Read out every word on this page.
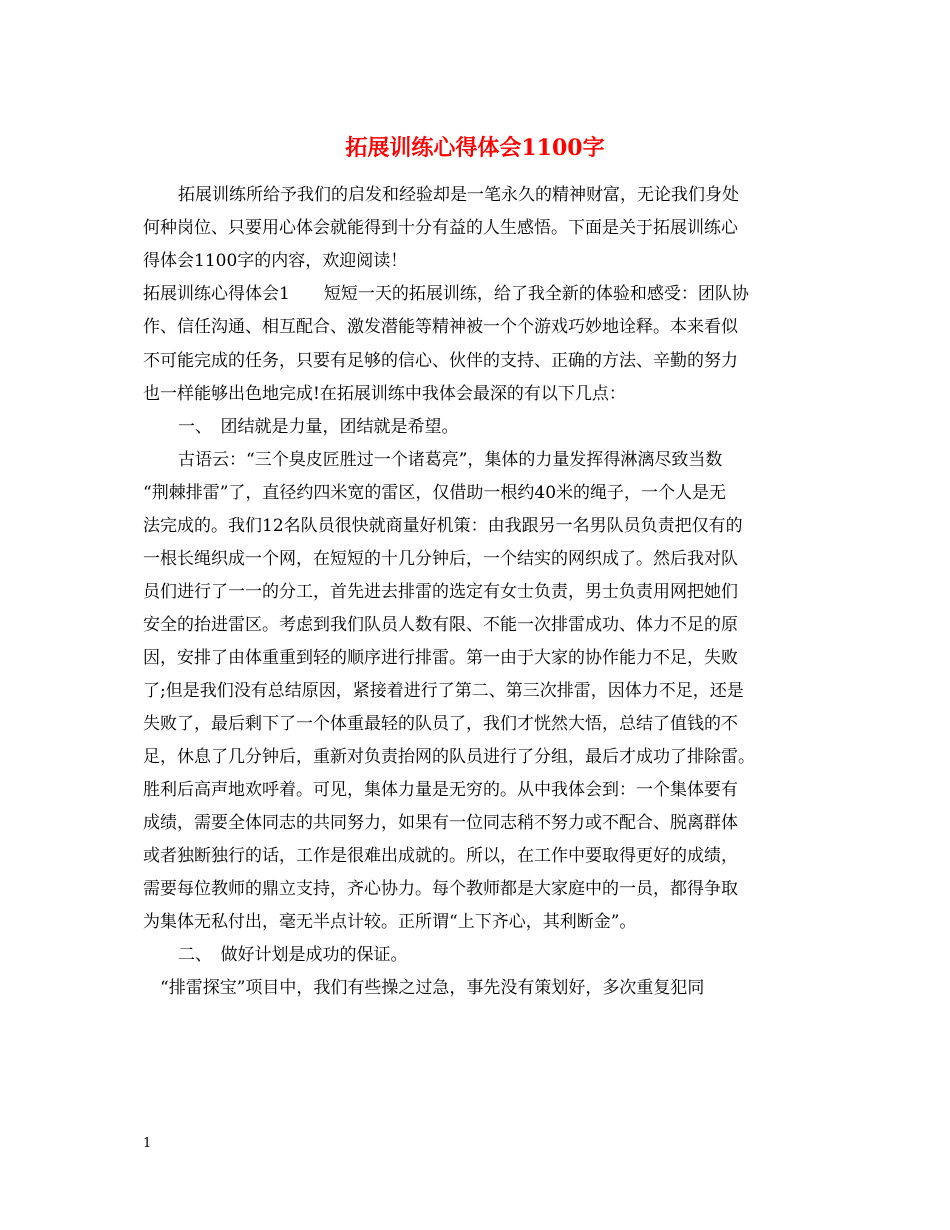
拓展训练心得体会1100字
拓展训练所给予我们的启发和经验却是一笔永久的精神财富，无论我们身处
何种岗位、只要用心体会就能得到十分有益的人生感悟。下面是关于拓展训练心
得体会1100字的内容，欢迎阅读！
拓展训练心得体会1　　短短一天的拓展训练，给了我全新的体验和感受：团队协
作、信任沟通、相互配合、激发潜能等精神被一个个游戏巧妙地诠释。本来看似
不可能完成的任务，只要有足够的信心、伙伴的支持、正确的方法、辛勤的努力
也一样能够出色地完成!在拓展训练中我体会最深的有以下几点：
一、　团结就是力量，团结就是希望。
古语云：“三个臭皮匠胜过一个诸葛亮”，集体的力量发挥得淋漓尽致当数
“荆棘排雷”了，直径约四米宽的雷区，仅借助一根约40米的绳子，一个人是无
法完成的。我们12名队员很快就商量好机策：由我跟另一名男队员负责把仅有的
一根长绳织成一个网，在短短的十几分钟后，一个结实的网织成了。然后我对队
员们进行了一一的分工，首先进去排雷的选定有女士负责，男士负责用网把她们
安全的抬进雷区。考虑到我们队员人数有限、不能一次排雷成功、体力不足的原
因，安排了由体重重到轻的顺序进行排雷。第一由于大家的协作能力不足，失败
了;但是我们没有总结原因，紧接着进行了第二、第三次排雷，因体力不足，还是
失败了，最后剩下了一个体重最轻的队员了，我们才恍然大悟，总结了值钱的不
足，休息了几分钟后，重新对负责抬网的队员进行了分组，最后才成功了排除雷。
胜利后高声地欢呼着。可见，集体力量是无穷的。从中我体会到：一个集体要有
成绩，需要全体同志的共同努力，如果有一位同志稍不努力或不配合、脱离群体
或者独断独行的话，工作是很难出成就的。所以，在工作中要取得更好的成绩，
需要每位教师的鼎立支持，齐心协力。每个教师都是大家庭中的一员，都得争取
为集体无私付出，毫无半点计较。正所谓“上下齐心，其利断金”。
二、　做好计划是成功的保证。
“排雷探宝”项目中，我们有些操之过急，事先没有策划好，多次重复犯同
1
